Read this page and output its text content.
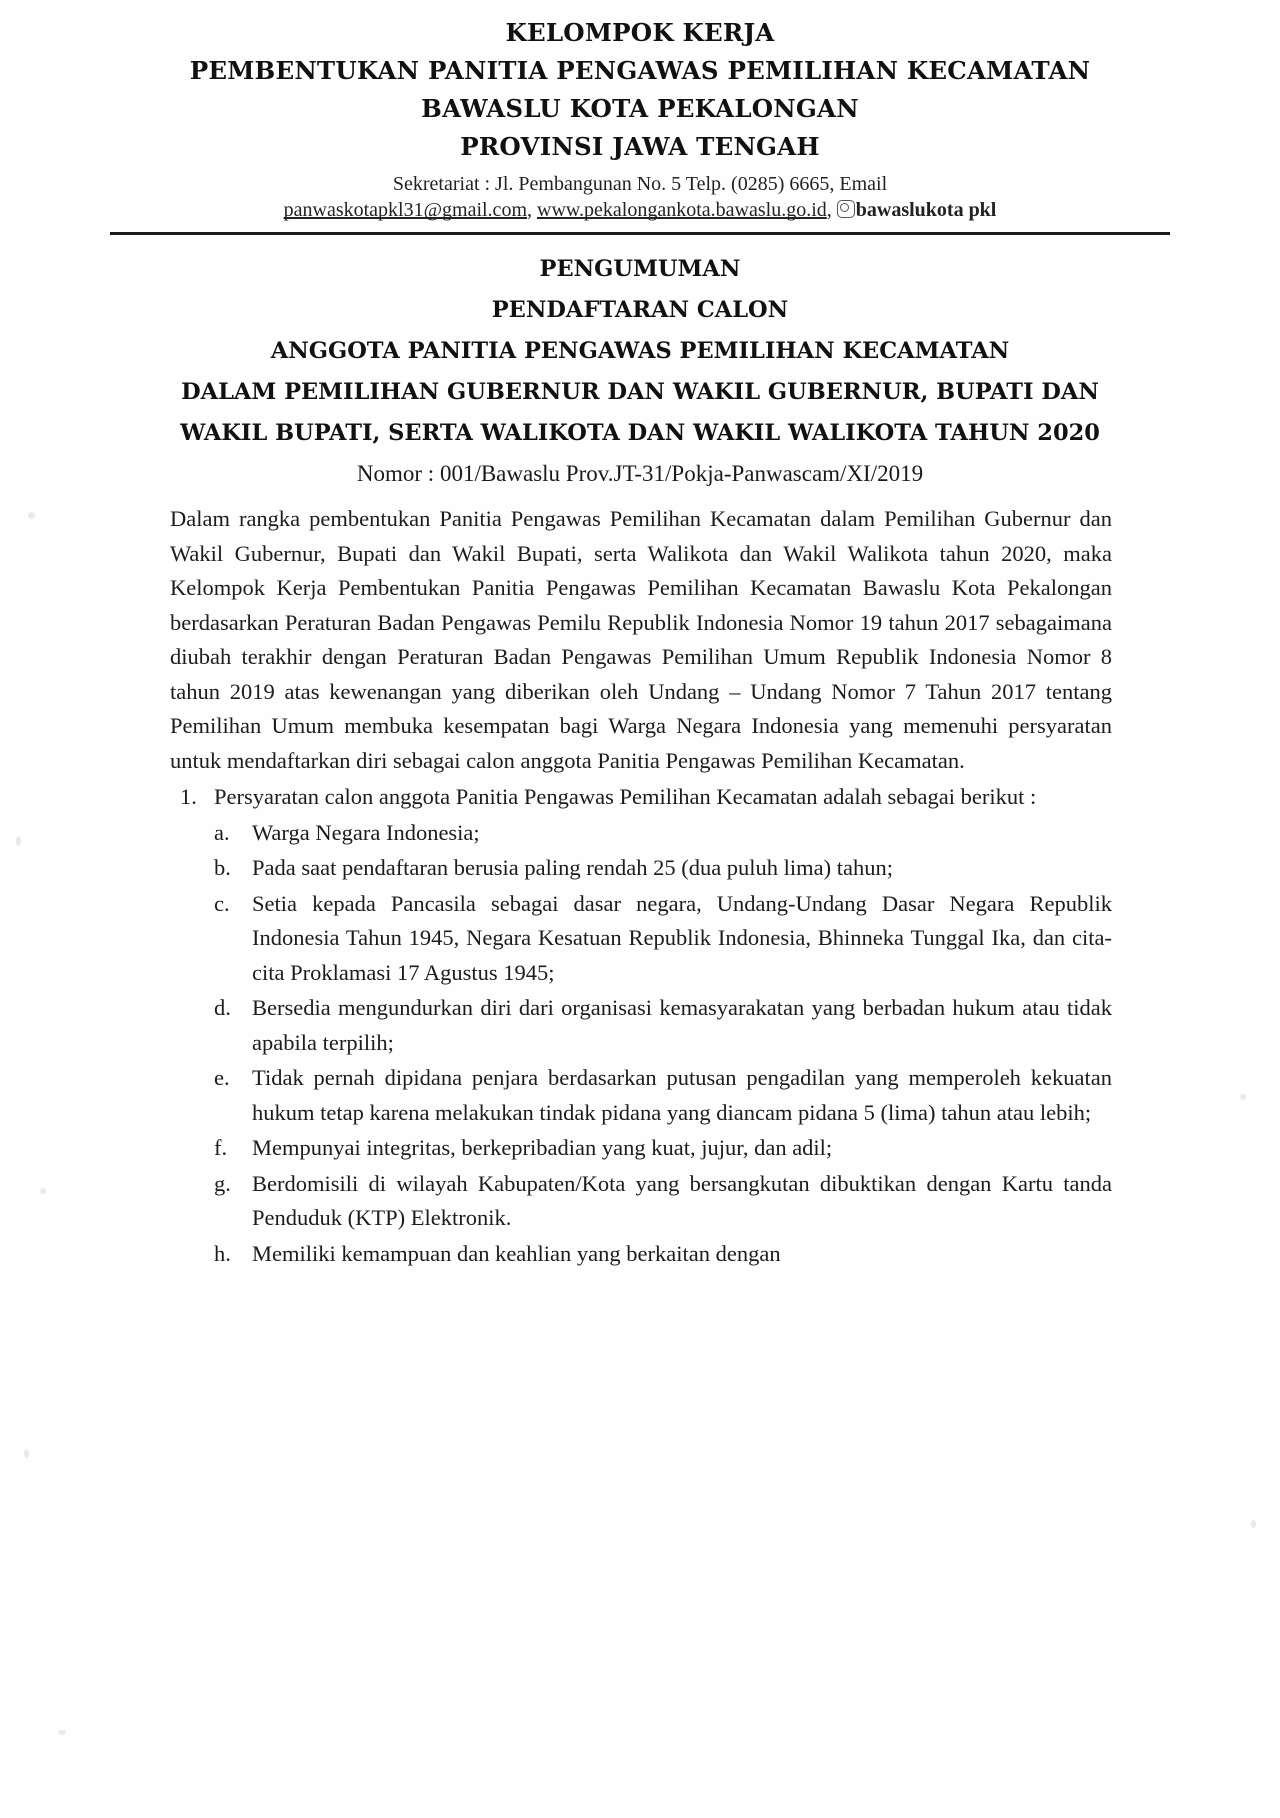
KELOMPOK KERJA
PEMBENTUKAN PANITIA PENGAWAS PEMILIHAN KECAMATAN
BAWASLU KOTA PEKALONGAN
PROVINSI JAWA TENGAH
Sekretariat : Jl. Pembangunan No. 5 Telp. (0285) 6665, Email
panwaskotapkl31@gmail.com, www.pekalongankota.bawaslu.go.id, bawaslukota pkl
PENGUMUMAN
PENDAFTARAN CALON
ANGGOTA PANITIA PENGAWAS PEMILIHAN KECAMATAN
DALAM PEMILIHAN GUBERNUR DAN WAKIL GUBERNUR, BUPATI DAN
WAKIL BUPATI, SERTA WALIKOTA DAN WAKIL WALIKOTA TAHUN 2020
Nomor : 001/Bawaslu Prov.JT-31/Pokja-Panwascam/XI/2019

Dalam rangka pembentukan Panitia Pengawas Pemilihan Kecamatan dalam Pemilihan Gubernur dan Wakil Gubernur, Bupati dan Wakil Bupati, serta Walikota dan Wakil Walikota tahun 2020, maka Kelompok Kerja Pembentukan Panitia Pengawas Pemilihan Kecamatan Bawaslu Kota Pekalongan berdasarkan Peraturan Badan Pengawas Pemilu Republik Indonesia Nomor 19 tahun 2017 sebagaimana diubah terakhir dengan Peraturan Badan Pengawas Pemilihan Umum Republik Indonesia Nomor 8 tahun 2019 atas kewenangan yang diberikan oleh Undang – Undang Nomor 7 Tahun 2017 tentang Pemilihan Umum membuka kesempatan bagi Warga Negara Indonesia yang memenuhi persyaratan untuk mendaftarkan diri sebagai calon anggota Panitia Pengawas Pemilihan Kecamatan.

1. Persyaratan calon anggota Panitia Pengawas Pemilihan Kecamatan adalah sebagai berikut :
a. Warga Negara Indonesia;
b. Pada saat pendaftaran berusia paling rendah 25 (dua puluh lima) tahun;
c. Setia kepada Pancasila sebagai dasar negara, Undang-Undang Dasar Negara Republik Indonesia Tahun 1945, Negara Kesatuan Republik Indonesia, Bhinneka Tunggal Ika, dan cita-cita Proklamasi 17 Agustus 1945;
d. Bersedia mengundurkan diri dari organisasi kemasyarakatan yang berbadan hukum atau tidak apabila terpilih;
e. Tidak pernah dipidana penjara berdasarkan putusan pengadilan yang memperoleh kekuatan hukum tetap karena melakukan tindak pidana yang diancam pidana 5 (lima) tahun atau lebih;
f.	Mempunyai integritas, berkepribadian yang kuat, jujur, dan adil;
g. Berdomisili di wilayah Kabupaten/Kota yang bersangkutan dibuktikan dengan Kartu tanda Penduduk (KTP) Elektronik.
h. Memiliki kemampuan dan keahlian yang berkaitan dengan
